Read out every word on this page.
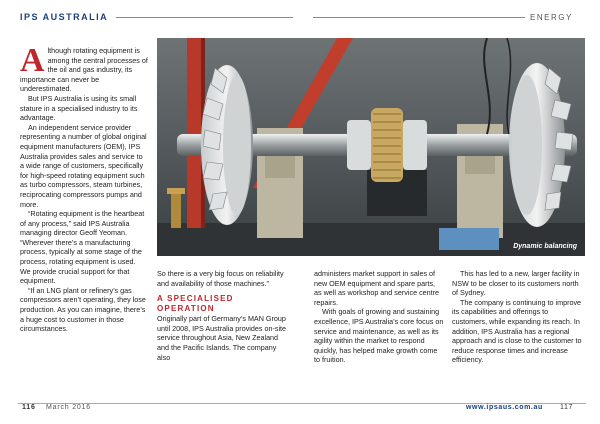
IPS AUSTRALIA	ENERGY
Dynamic balancing
A lthough rotating equipment is among the central processes of the oil and gas industry, its importance can never be underestimated.

But IPS Australia is using its small stature in a specialised industry to its advantage.

An independent service provider representing a number of global original equipment manufacturers (OEM), IPS Australia provides sales and service to a wide range of customers, specifically for high-speed rotating equipment such as turbo compressors, steam turbines, reciprocating compressors pumps and more.

“Rotating equipment is the heartbeat of any process,” said IPS Australia managing director Geoff Yeoman. “Wherever there’s a manufacturing process, typically at some stage of the process, rotating equipment is used. We provide crucial support for that equipment.

“If an LNG plant or refinery’s gas compressors aren’t operating, they lose production. As you can imagine, there’s a huge cost to customer in those circumstances.

So there is a very big focus on reliability and availability of those machines.”

A SPECIALISED OPERATION

Originally part of Germany’s MAN Group until 2008, IPS Australia provides on-site service throughout Asia, New Zealand and the Pacific Islands. The company also

administers market support in sales of new OEM equipment and spare parts, as well as workshop and service centre repairs.

With goals of growing and sustaining excellence, IPS Australia’s core focus on service and maintenance, as well as its agility within the market to respond quickly, has helped make growth come to fruition.

This has led to a new, larger facility in NSW to be closer to its customers north of Sydney.

The company is continuing to improve its capabilities and offerings to customers, while expanding its reach. In addition, IPS Australia has a regional approach and is close to the customer to reduce response times and increase efficiency.

116 March 2016	www.ipsaus.com.au 117
